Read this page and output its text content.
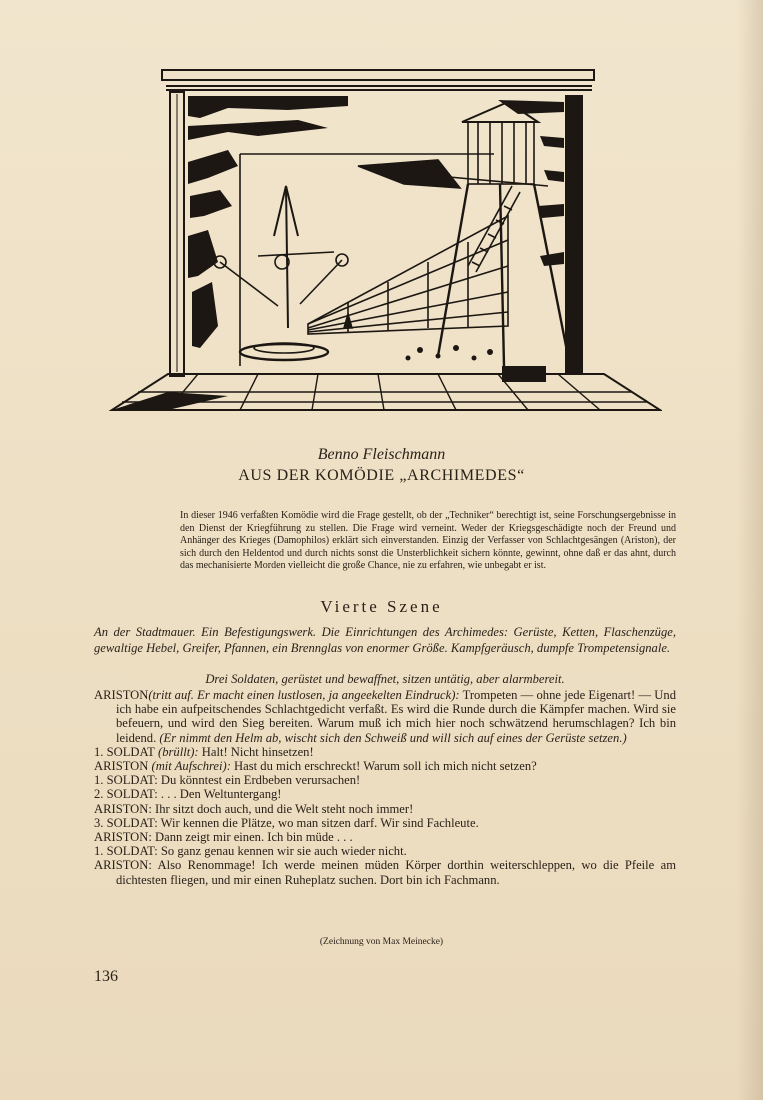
Benno Fleischmann
AUS DER KOMÖDIE „ARCHIMEDES“
In dieser 1946 verfaßten Komödie wird die Frage gestellt, ob der „Techniker“ berechtigt ist, seine Forschungsergebnisse in den Dienst der Kriegführung zu stellen. Die Frage wird verneint. Weder der Kriegsgeschädigte noch der Freund und Anhänger des Krieges (Damophilos) erklärt sich einverstanden. Einzig der Verfasser von Schlachtgesängen (Ariston), der sich durch den Heldentod und durch nichts sonst die Unsterblichkeit sichern könnte, gewinnt, ohne daß er das ahnt, durch das mechanisierte Morden vielleicht die große Chance, nie zu erfahren, wie unbegabt er ist.
Vierte Szene
An der Stadtmauer. Ein Befestigungswerk. Die Einrichtungen des Archimedes: Gerüste, Ketten, Flaschenzüge, gewaltige Hebel, Greifer, Pfannen, ein Brennglas von enormer Größe. Kampfgeräusch, dumpfe Trompetensignale.
Drei Soldaten, gerüstet und bewaffnet, sitzen untätig, aber alarmbereit.
ARISTON(tritt auf. Er macht einen lustlosen, ja angeekelten Eindruck): Trompeten — ohne jede Eigenart! — Und ich habe ein aufpeitschendes Schlachtgedicht verfaßt. Es wird die Runde durch die Kämpfer machen. Wird sie befeuern, und wird den Sieg bereiten. Warum muß ich mich hier noch schwätzend herumschlagen? Ich bin leidend. (Er nimmt den Helm ab, wischt sich den Schweiß und will sich auf eines der Gerüste setzen.)
1. SOLDAT (brüllt): Halt! Nicht hinsetzen!
ARISTON (mit Aufschrei): Hast du mich erschreckt! Warum soll ich mich nicht setzen?
1. SOLDAT: Du könntest ein Erdbeben verursachen!
2. SOLDAT: . . . Den Weltuntergang!
ARISTON: Ihr sitzt doch auch, und die Welt steht noch immer!
3. SOLDAT: Wir kennen die Plätze, wo man sitzen darf. Wir sind Fachleute.
ARISTON: Dann zeigt mir einen. Ich bin müde . . .
1. SOLDAT: So ganz genau kennen wir sie auch wieder nicht.
ARISTON: Also Renommage! Ich werde meinen müden Körper dorthin weiterschleppen, wo die Pfeile am dichtesten fliegen, und mir einen Ruheplatz suchen. Dort bin ich Fachmann.
(Zeichnung von Max Meinecke)
136
